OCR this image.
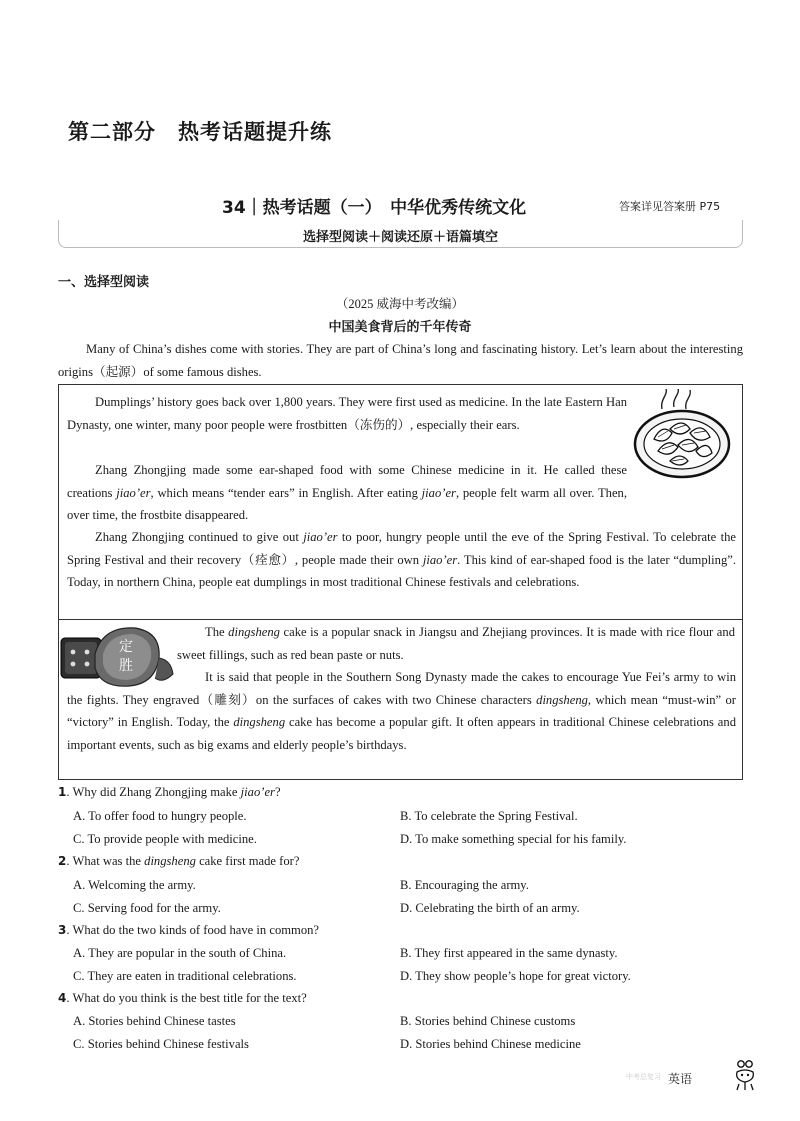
第二部分　热考话题提升练
34｜热考话题（一）　中华优秀传统文化	答案详见答案册 P75
选择型阅读＋阅读还原＋语篇填空
一、选择型阅读
（2025 威海中考改编）
中国美食背后的千年传奇
Many of China’s dishes come with stories. They are part of China’s long and fascinating history. Let’s learn about the interesting origins（起源）of some famous dishes.
Dumplings’ history goes back over 1,800 years. They were first used as medicine. In the late Eastern Han Dynasty, one winter, many poor people were frostbitten（冻伤的）, especially their ears.
Zhang Zhongjing made some ear-shaped food with some Chinese medicine in it. He called these creations jiao’er, which means “tender ears” in English. After eating jiao’er, people felt warm all over. Then, over time, the frostbite disappeared.
Zhang Zhongjing continued to give out jiao’er to poor, hungry people until the eve of the Spring Festival. To celebrate the Spring Festival and their recovery（痊愈）, people made their own jiao’er. This kind of ear-shaped food is the later “dumpling”. Today, in northern China, people eat dumplings in most traditional Chinese festivals and celebrations.
定
胜
The dingsheng cake is a popular snack in Jiangsu and Zhejiang provinces. It is made with rice flour and sweet fillings, such as red bean paste or nuts.
It is said that people in the Southern Song Dynasty made the cakes to encourage Yue Fei’s army to win the fights. They engraved（雕刻）on the surfaces of cakes with two Chinese characters dingsheng, which mean “must-win” or “victory” in English. Today, the dingsheng cake has become a popular gift. It often appears in traditional Chinese celebrations and important events, such as big exams and elderly people’s birthdays.
1. Why did Zhang Zhongjing make jiao’er?
A. To offer food to hungry people.	B. To celebrate the Spring Festival.
C. To provide people with medicine.	D. To make something special for his family.
2. What was the dingsheng cake first made for?
A. Welcoming the army.	B. Encouraging the army.
C. Serving food for the army.	D. Celebrating the birth of an army.
3. What do the two kinds of food have in common?
A. They are popular in the south of China.	B. They first appeared in the same dynasty.
C. They are eaten in traditional celebrations.	D. They show people’s hope for great victory.
4. What do you think is the best title for the text?
A. Stories behind Chinese tastes	B. Stories behind Chinese customs
C. Stories behind Chinese festivals	D. Stories behind Chinese medicine
中考总复习 英语
